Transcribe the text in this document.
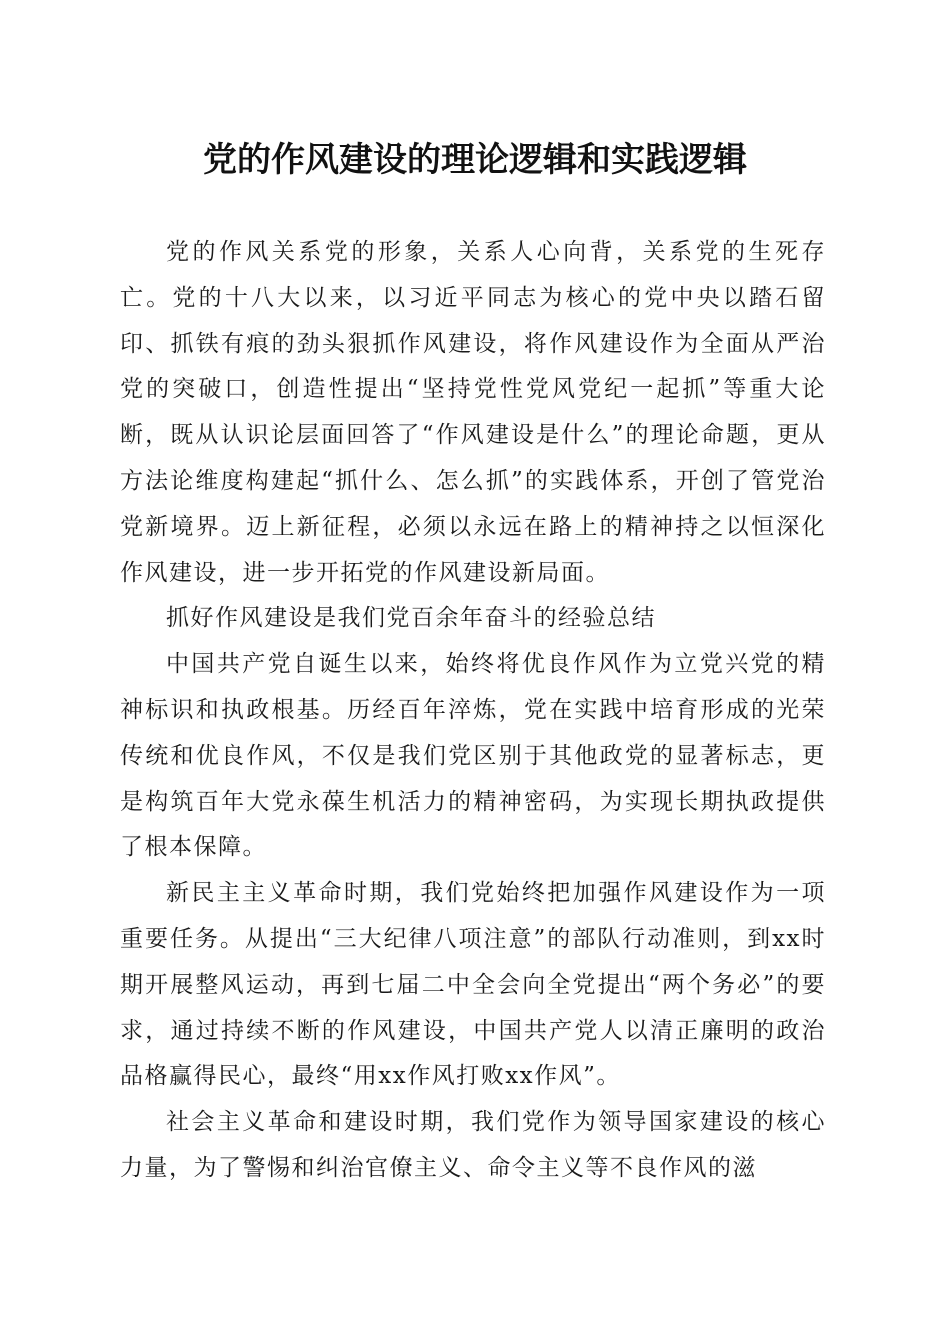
党的作风建设的理论逻辑和实践逻辑

党的作风关系党的形象，关系人心向背，关系党的生死存亡。党的十八大以来，以习近平同志为核心的党中央以踏石留印、抓铁有痕的劲头狠抓作风建设，将作风建设作为全面从严治党的突破口，创造性提出“坚持党性党风党纪一起抓”等重大论断，既从认识论层面回答了“作风建设是什么”的理论命题，更从方法论维度构建起“抓什么、怎么抓”的实践体系，开创了管党治党新境界。迈上新征程，必须以永远在路上的精神持之以恒深化作风建设，进一步开拓党的作风建设新局面。

抓好作风建设是我们党百余年奋斗的经验总结

中国共产党自诞生以来，始终将优良作风作为立党兴党的精神标识和执政根基。历经百年淬炼，党在实践中培育形成的光荣传统和优良作风，不仅是我们党区别于其他政党的显著标志，更是构筑百年大党永葆生机活力的精神密码，为实现长期执政提供了根本保障。

新民主主义革命时期，我们党始终把加强作风建设作为一项重要任务。从提出“三大纪律八项注意”的部队行动准则，到xx时期开展整风运动，再到七届二中全会向全党提出“两个务必”的要求，通过持续不断的作风建设，中国共产党人以清正廉明的政治品格赢得民心，最终“用xx作风打败xx作风”。

社会主义革命和建设时期，我们党作为领导国家建设的核心力量，为了警惕和纠治官僚主义、命令主义等不良作风的滋
